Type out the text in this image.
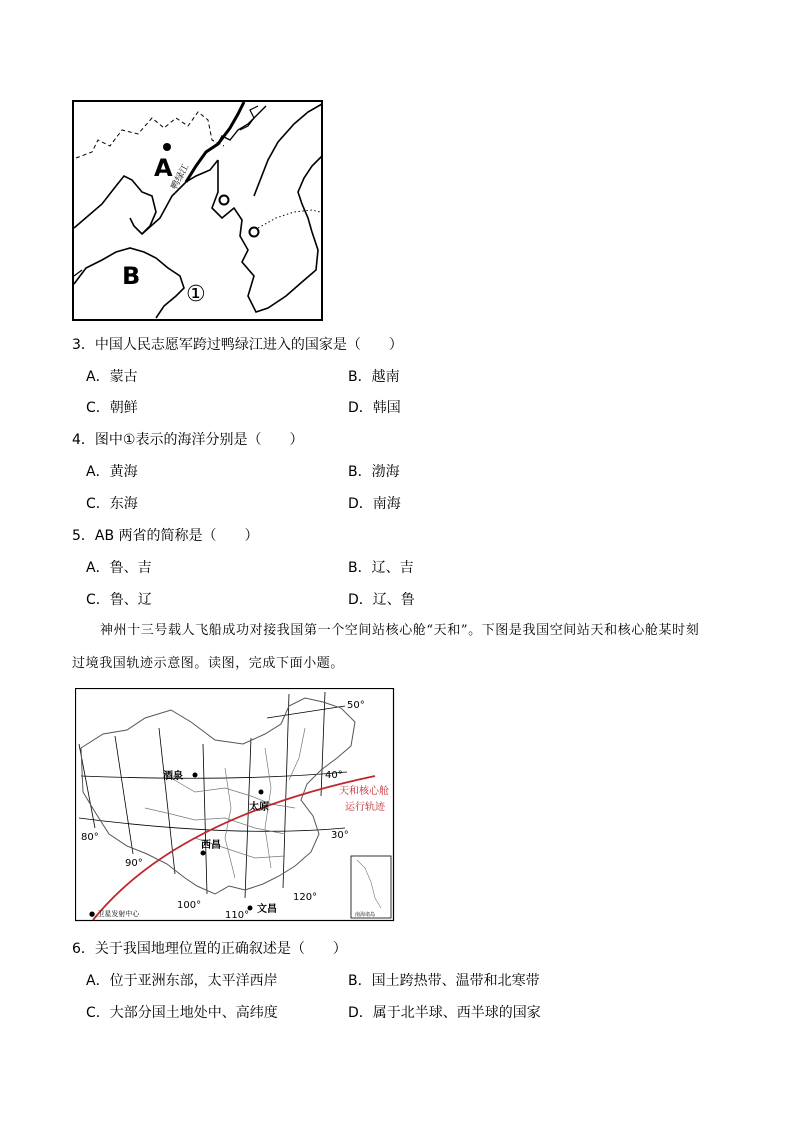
A
B
①
鸭绿江
3．中国人民志愿军跨过鸭绿江进入的国家是（　　）
A．蒙古	B．越南
C．朝鲜	D．韩国
4．图中①表示的海洋分别是（　　）
A．黄海	B．渤海
C．东海	D．南海
5．AB 两省的简称是（　　）
A．鲁、吉	B．辽、吉
C．鲁、辽	D．辽、鲁
神州十三号载人飞船成功对接我国第一个空间站核心舱“天和”。下图是我国空间站天和核心舱某时刻
过境我国轨迹示意图。读图，完成下面小题。
南海诸岛
酒泉
太原
西昌
文昌
天和核心舱
运行轨迹
50°
40°
30°
80°
90°
100°
110°
120°
● 卫星发射中心
6．关于我国地理位置的正确叙述是（　　）
A．位于亚洲东部，太平洋西岸	B．国土跨热带、温带和北寒带
C．大部分国土地处中、高纬度	D．属于北半球、西半球的国家
